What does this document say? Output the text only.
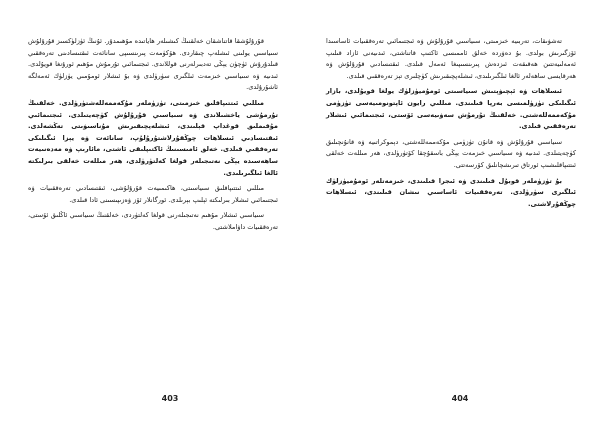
قۇرۇلۇشقا قاتناشقان خەلقنىڭ كىشىلەر ھاياتىدە مۇھىمدۇر. ئۇنىڭ ئۈزلۈكسىز قۇرۇلۇش سىياسىي يولىنى ئىشلەپ چىقاردى. ھۆكۈمەت پىرىنسىپى سانائەت ئىقتىسادىنى تەرەققىي قىلدۇرۇش ئۈچۈن يېڭى تەدبىرلەرنى قوللاندى. ئىجتىمائىي تۇرمۇش مۇھىم ئورۇنغا قويۇلدى. ئىدىيە ۋە سىياسىي خىزمەت ئىلگىرى سۈرۈلدى ۋە بۇ ئىشلار ئومۇمىي يۈزلۈك ئەمەلگە ئاشۇرۇلدى.

مىللىي ئىتتىپاقلىق خىزمىتى، تۈزۈملەر مۇكەممەللەشتۈرۈلدى. خەلقنىڭ تۇرمۇشى ياخشىلاندى ۋە سىياسىي قۇرۇلۇش كۈچەيتىلدى. ئىجتىمائىي مۇقىملىق قوغداپ قېلىندى، ئىشلەپچىقىرىش مۇناسىۋىتى تەڭشەلدى. ئىقتىسادىي ئىسلاھات چوڭقۇرلاشتۇرۇلۇپ، سانائەت ۋە يېزا ئىگىلىكى تەرەققىي قىلدى. خەلق ئامىسىنىڭ ئاكتىپلىقى ئاشتى، مائارىپ ۋە مەدەنىيەت ساھەسىدە يېڭى نەتىجىلەر قولغا كەلتۈرۈلدى، ھەر مىللەت خەلقى بىرلىكتە ئالغا ئىلگىرىلىدى.

مىللىي ئىتتىپاقلىق سىياسىتى، ھاكىمىيەت قۇرۇلۇشى، ئىقتىسادىي تەرەققىيات ۋە ئىجتىمائىي ئىشلار بىرلىكتە ئېلىپ بېرىلدى. ئورگانلار ئۆز ۋەزىپىسىنى ئادا قىلدى.

سىياسىي ئىشلار مۇھىم نەتىجىلەرنى قولغا كەلتۈردى، خەلقنىڭ سىياسىي ئاڭلىق ئۆستى، تەرەققىيات داۋاملاشتى.

تەشۋىقات، تەربىيە خىزمىتى، سىياسىي قۇرۇلۇش ۋە ئىجتىمائىي تەرەققىيات ئاساسىدا ئۆزگىرىش بولدى. بۇ دەۋردە خەلق ئاممىسى ئاكتىپ قاتناشتى، ئىدىيەنى ئازاد قىلىپ ئەمەلىيەتتىن ھەقىقەت ئىزدەش پىرىنسىپىغا ئەمەل قىلدى. ئىقتىسادىي قۇرۇلۇش ۋە ھەرقايسى ساھەلەر ئالغا ئىلگىرىلىدى، ئىشلەپچىقىرىش كۈچلىرى تېز تەرەققىي قىلدى.

ئىسلاھات ۋە ئېچىۋېتىش سىياسىتى ئومۇميۈزلۈك يولغا قويۇلدى، بازار ئىگىلىكى تۈزۈلمىسى بەرپا قىلىندى. مىللىي رايون ئاپتونومىيەسى تۈزۈمى مۇكەممەللەشتى. خەلقنىڭ تۇرمۇش سەۋىيەسى ئۆستى، ئىجتىمائىي ئىشلار تەرەققىي قىلدى.

سىياسىي قۇرۇلۇش ۋە قانۇن تۈزۈمى مۇكەممەللەشتى، دېموكراتىيە ۋە قانۇنچىلىق كۈچەيتىلدى. ئىدىيە ۋە سىياسىي خىزمەت يېڭى باسقۇچقا كۆتۈرۈلدى، ھەر مىللەت خەلقى ئىتتىپاقلىشىپ ئورتاق تىرىشچانلىق كۆرسەتتى.

بۇ تۈزۈملەر قوبۇل قىلىندى ۋە ئىجرا قىلىندى، خىزمەتلەر ئومۇميۈزلۈك ئىلگىرى سۈرۈلدى. تەرەققىيات ئاساسىي نىشان قىلىندى، ئىسلاھات چوڭقۇرلاشتى.

403	404
